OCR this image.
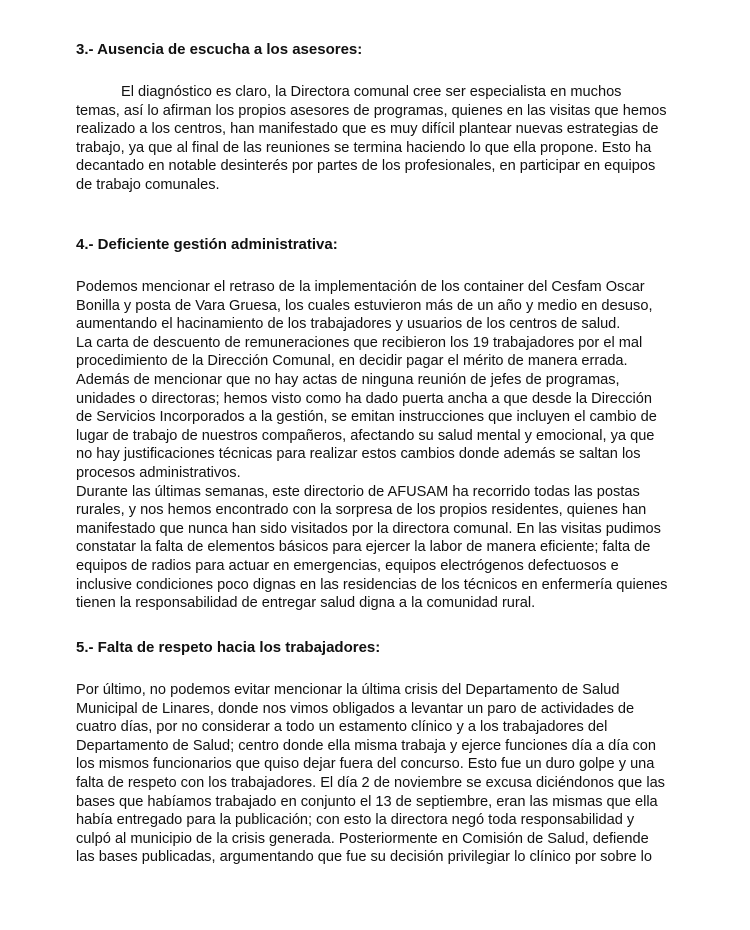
3.- Ausencia de escucha a los asesores:
El diagnóstico es claro, la Directora comunal cree ser especialista en muchos
temas, así lo afirman los propios asesores de programas, quienes en las visitas que hemos
realizado a los centros, han manifestado que es muy difícil plantear nuevas estrategias de
trabajo, ya que al final de las reuniones se termina haciendo lo que ella propone. Esto ha
decantado en notable desinterés por partes de los profesionales, en participar en equipos
de trabajo comunales.
4.- Deficiente gestión administrativa:
Podemos mencionar el retraso de la implementación de los container del Cesfam Oscar
Bonilla y posta de Vara Gruesa, los cuales estuvieron más de un año y medio en desuso,
aumentando el hacinamiento de los trabajadores y usuarios de los centros de salud.
La carta de descuento de remuneraciones que recibieron los 19 trabajadores por el mal
procedimiento de la Dirección Comunal, en decidir pagar el mérito de manera errada.
Además de mencionar que no hay actas de ninguna reunión de jefes de programas,
unidades o directoras; hemos visto como ha dado puerta ancha a que desde la Dirección
de Servicios Incorporados a la gestión, se emitan instrucciones que incluyen el cambio de
lugar de trabajo de nuestros compañeros, afectando su salud mental y emocional, ya que
no hay justificaciones técnicas para realizar estos cambios donde además se saltan los
procesos administrativos.
Durante las últimas semanas, este directorio de AFUSAM ha recorrido todas las postas
rurales, y nos hemos encontrado con la sorpresa de los propios residentes, quienes han
manifestado que nunca han sido visitados por la directora comunal. En las visitas pudimos
constatar la falta de elementos básicos para ejercer la labor de manera eficiente; falta de
equipos de radios para actuar en emergencias, equipos electrógenos defectuosos e
inclusive condiciones poco dignas en las residencias de los técnicos en enfermería quienes
tienen la responsabilidad de entregar salud digna a la comunidad rural.
5.- Falta de respeto hacia los trabajadores:
Por último, no podemos evitar mencionar la última crisis del Departamento de Salud
Municipal de Linares, donde nos vimos obligados a levantar un paro de actividades de
cuatro días, por no considerar a todo un estamento clínico y a los trabajadores del
Departamento de Salud; centro donde ella misma trabaja y ejerce funciones día a día con
los mismos funcionarios que quiso dejar fuera del concurso. Esto fue un duro golpe y una
falta de respeto con los trabajadores. El día 2 de noviembre se excusa diciéndonos que las
bases que habíamos trabajado en conjunto el 13 de septiembre, eran las mismas que ella
había entregado para la publicación; con esto la directora negó toda responsabilidad y
culpó al municipio de la crisis generada. Posteriormente en Comisión de Salud, defiende
las bases publicadas, argumentando que fue su decisión privilegiar lo clínico por sobre lo
